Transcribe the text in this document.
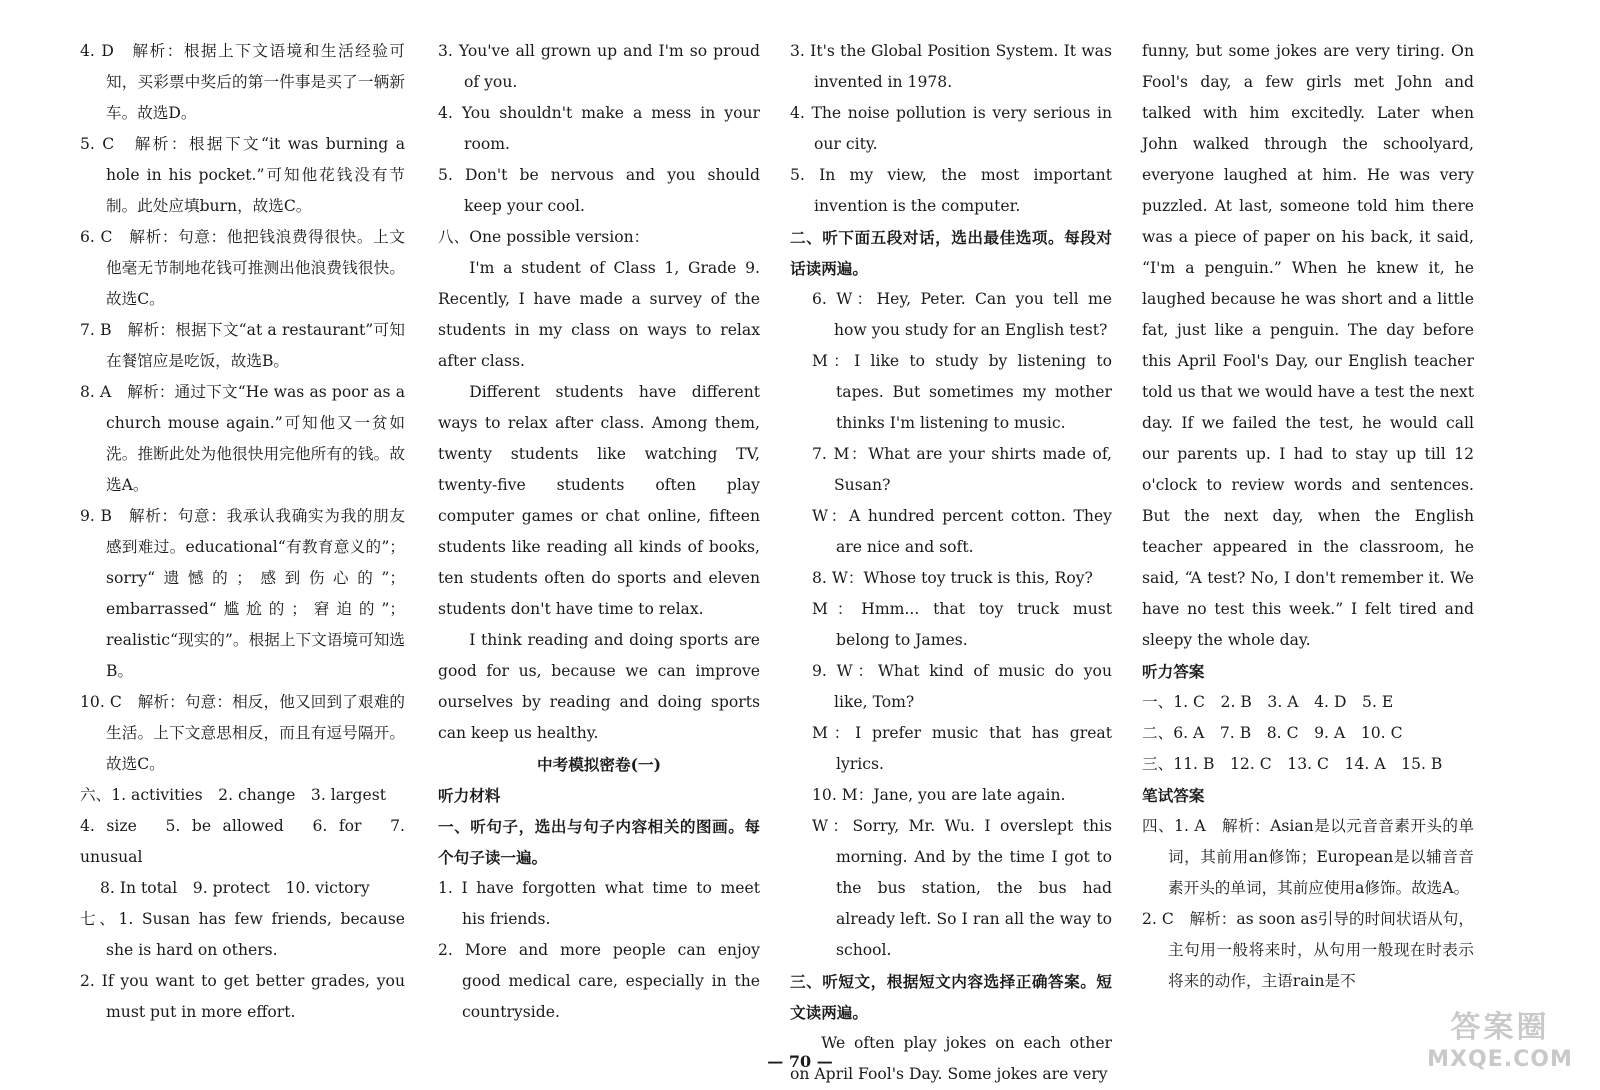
4. D　解析：根据上下文语境和生活经验可知，买彩票中奖后的第一件事是买了一辆新车。故选D。

5. C　解析：根据下文“it was burning a hole in his pocket.”可知他花钱没有节制。此处应填burn，故选C。

6. C　解析：句意：他把钱浪费得很快。上文他毫无节制地花钱可推测出他浪费钱很快。故选C。

7. B　解析：根据下文“at a restaurant”可知在餐馆应是吃饭，故选B。

8. A　解析：通过下文“He was as poor as a church mouse again.”可知他又一贫如洗。推断此处为他很快用完他所有的钱。故选A。

9. B　解析：句意：我承认我确实为我的朋友感到难过。educational“有教育意义的”；sorry“遗憾的；感到伤心的”；embarrassed“尴尬的；窘迫的”；realistic“现实的”。根据上下文语境可知选B。

10. C　解析：句意：相反，他又回到了艰难的生活。上下文意思相反，而且有逗号隔开。故选C。

六、1. activities　2. change　3. largest

4. size　5. be allowed　6. for　7. unusual

8. In total　9. protect　10. victory

七、1. Susan has few friends, because she is hard on others.

2. If you want to get better grades, you must put in more effort.

3. You've all grown up and I'm so proud of you.

4. You shouldn't make a mess in your room.

5. Don't be nervous and you should keep your cool.

八、One possible version：

I'm a student of Class 1, Grade 9. Recently, I have made a survey of the students in my class on ways to relax after class.

Different students have different ways to relax after class. Among them, twenty students like watching TV, twenty-five students often play computer games or chat online, fifteen students like reading all kinds of books, ten students often do sports and eleven students don't have time to relax.

I think reading and doing sports are good for us, because we can improve ourselves by reading and doing sports can keep us healthy.

中考模拟密卷(一)

听力材料

一、听句子，选出与句子内容相关的图画。每个句子读一遍。

1. I have forgotten what time to meet his friends.

2. More and more people can enjoy good medical care, especially in the countryside.

3. It's the Global Position System. It was invented in 1978.

4. The noise pollution is very serious in our city.

5. In my view, the most important invention is the computer.

二、听下面五段对话，选出最佳选项。每段对话读两遍。

6. W：Hey, Peter. Can you tell me how you study for an English test?

M：I like to study by listening to tapes. But sometimes my mother thinks I'm listening to music.

7. M：What are your shirts made of, Susan?

W：A hundred percent cotton. They are nice and soft.

8. W：Whose toy truck is this, Roy?

M：Hmm... that toy truck must belong to James.

9. W：What kind of music do you like, Tom?

M：I prefer music that has great lyrics.

10. M：Jane, you are late again.

W：Sorry, Mr. Wu. I overslept this morning. And by the time I got to the bus station, the bus had already left. So I ran all the way to school.

三、听短文，根据短文内容选择正确答案。短文读两遍。

We often play jokes on each other on April Fool's Day. Some jokes are very

funny, but some jokes are very tiring. On Fool's day, a few girls met John and talked with him excitedly. Later when John walked through the schoolyard, everyone laughed at him. He was very puzzled. At last, someone told him there was a piece of paper on his back, it said, “I'm a penguin.” When he knew it, he laughed because he was short and a little fat, just like a penguin. The day before this April Fool's Day, our English teacher told us that we would have a test the next day. If we failed the test, he would call our parents up. I had to stay up till 12 o'clock to review words and sentences. But the next day, when the English teacher appeared in the classroom, he said, “A test? No, I don't remember it. We have no test this week.” I felt tired and sleepy the whole day.

听力答案

一、1. C　2. B　3. A　4. D　5. E

二、6. A　7. B　8. C　9. A　10. C

三、11. B　12. C　13. C　14. A　15. B

笔试答案

四、1. A　解析：Asian是以元音音素开头的单词，其前用an修饰；European是以辅音音素开头的单词，其前应使用a修饰。故选A。

2. C　解析：as soon as引导的时间状语从句，主句用一般将来时，从句用一般现在时表示将来的动作，主语rain是不

— 70 —
答案圈
MXQE.COM
